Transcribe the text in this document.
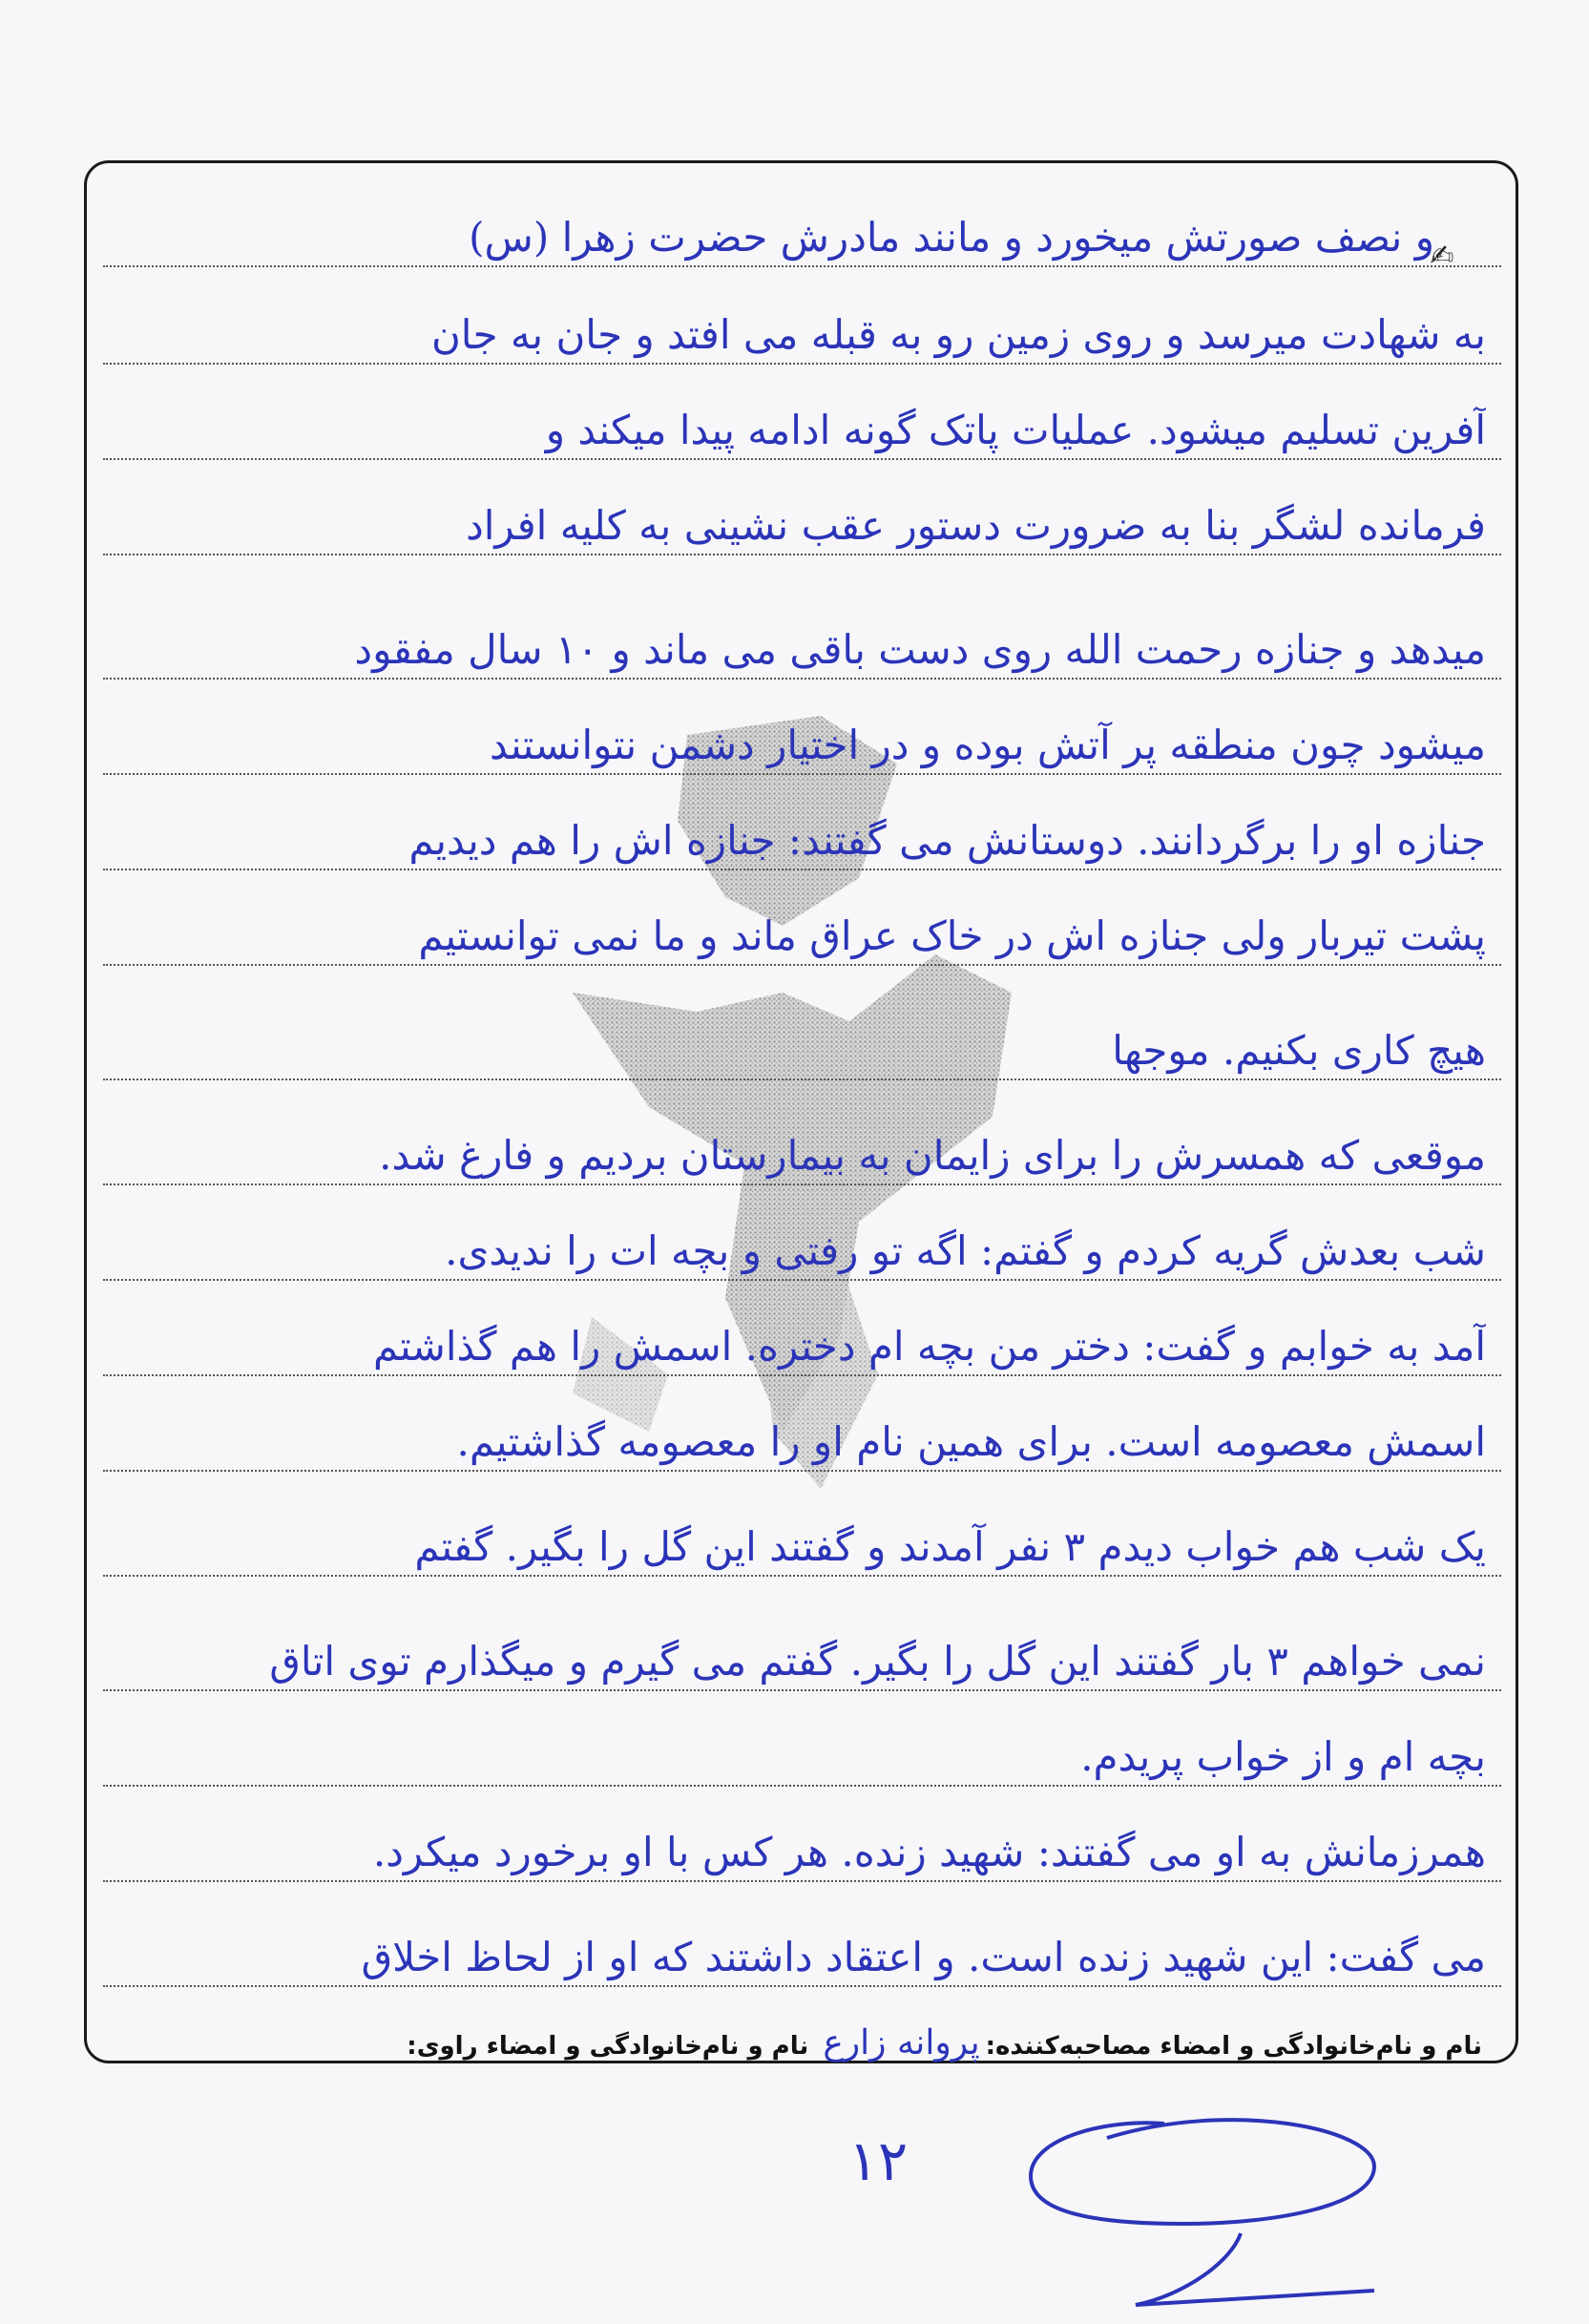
✍
و نصف صورتش میخورد و مانند مادرش حضرت زهرا (س)
به شهادت میرسد و روی زمین رو به قبله می افتد و جان به جان
آفرین تسلیم میشود. عملیات پاتک گونه ادامه پیدا میکند و
فرمانده لشگر بنا به ضرورت دستور عقب نشینی به کلیه افراد
میدهد و جنازه رحمت الله روی دست باقی می ماند و ۱۰ سال مفقود
میشود چون منطقه پر آتش بوده و در اختیار دشمن نتوانستند
جنازه او را برگردانند. دوستانش می گفتند: جنازه اش را هم دیدیم
پشت تیربار ولی جنازه اش در خاک عراق ماند و ما نمی توانستیم
هیچ کاری بکنیم. موجها
موقعی که همسرش را برای زایمان به بیمارستان بردیم و فارغ شد.
شب بعدش گریه کردم و گفتم: اگه تو رفتی و بچه ات را ندیدی.
آمد به خوابم و گفت: دختر من بچه ام دختره. اسمش را هم گذاشتم
اسمش معصومه است. برای همین نام او را معصومه گذاشتیم.
یک شب هم خواب دیدم ۳ نفر آمدند و گفتند این گل را بگیر. گفتم
نمی خواهم ۳ بار گفتند این گل را بگیر. گفتم می گیرم و میگذارم توی اتاق
بچه ام و از خواب پریدم.
همرزمانش به او می گفتند: شهید زنده. هر کس با او برخورد میکرد.
می گفت: این شهید زنده است. و اعتقاد داشتند که او از لحاظ اخلاق
نام و نام‌خانوادگی و امضاء مصاحبه‌کننده:پروانه زارع نام و نام‌خانوادگی و امضاء راوی:
۱۲
